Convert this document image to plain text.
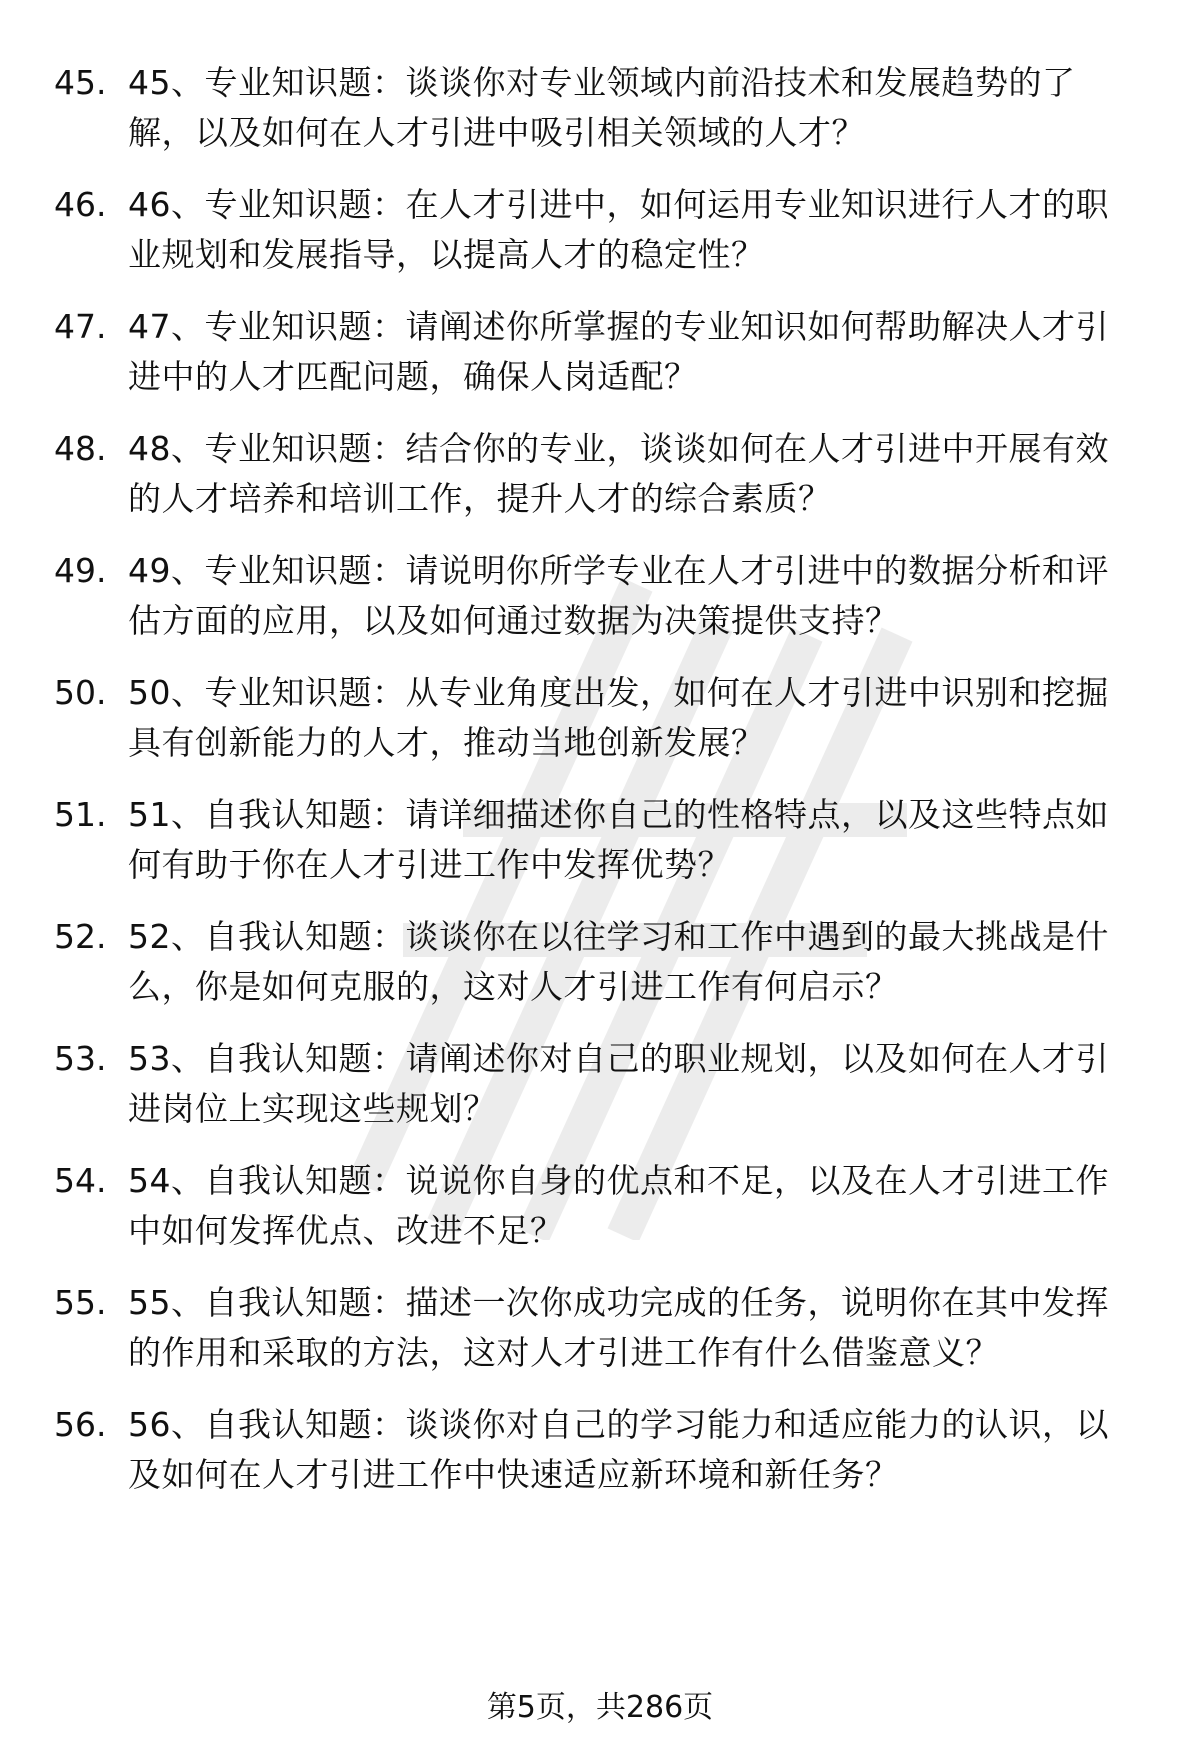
45. 45、专业知识题：谈谈你对专业领域内前沿技术和发展趋势的了解，以及如何在人才引进中吸引相关领域的人才？
46. 46、专业知识题：在人才引进中，如何运用专业知识进行人才的职业规划和发展指导，以提高人才的稳定性？
47. 47、专业知识题：请阐述你所掌握的专业知识如何帮助解决人才引进中的人才匹配问题，确保人岗适配？
48. 48、专业知识题：结合你的专业，谈谈如何在人才引进中开展有效的人才培养和培训工作，提升人才的综合素质？
49. 49、专业知识题：请说明你所学专业在人才引进中的数据分析和评估方面的应用，以及如何通过数据为决策提供支持？
50. 50、专业知识题：从专业角度出发，如何在人才引进中识别和挖掘具有创新能力的人才，推动当地创新发展？
51. 51、自我认知题：请详细描述你自己的性格特点，以及这些特点如何有助于你在人才引进工作中发挥优势？
52. 52、自我认知题：谈谈你在以往学习和工作中遇到的最大挑战是什么，你是如何克服的，这对人才引进工作有何启示？
53. 53、自我认知题：请阐述你对自己的职业规划，以及如何在人才引进岗位上实现这些规划？
54. 54、自我认知题：说说你自身的优点和不足，以及在人才引进工作中如何发挥优点、改进不足？
55. 55、自我认知题：描述一次你成功完成的任务，说明你在其中发挥的作用和采取的方法，这对人才引进工作有什么借鉴意义？
56. 56、自我认知题：谈谈你对自己的学习能力和适应能力的认识，以及如何在人才引进工作中快速适应新环境和新任务？
第5页，共286页
